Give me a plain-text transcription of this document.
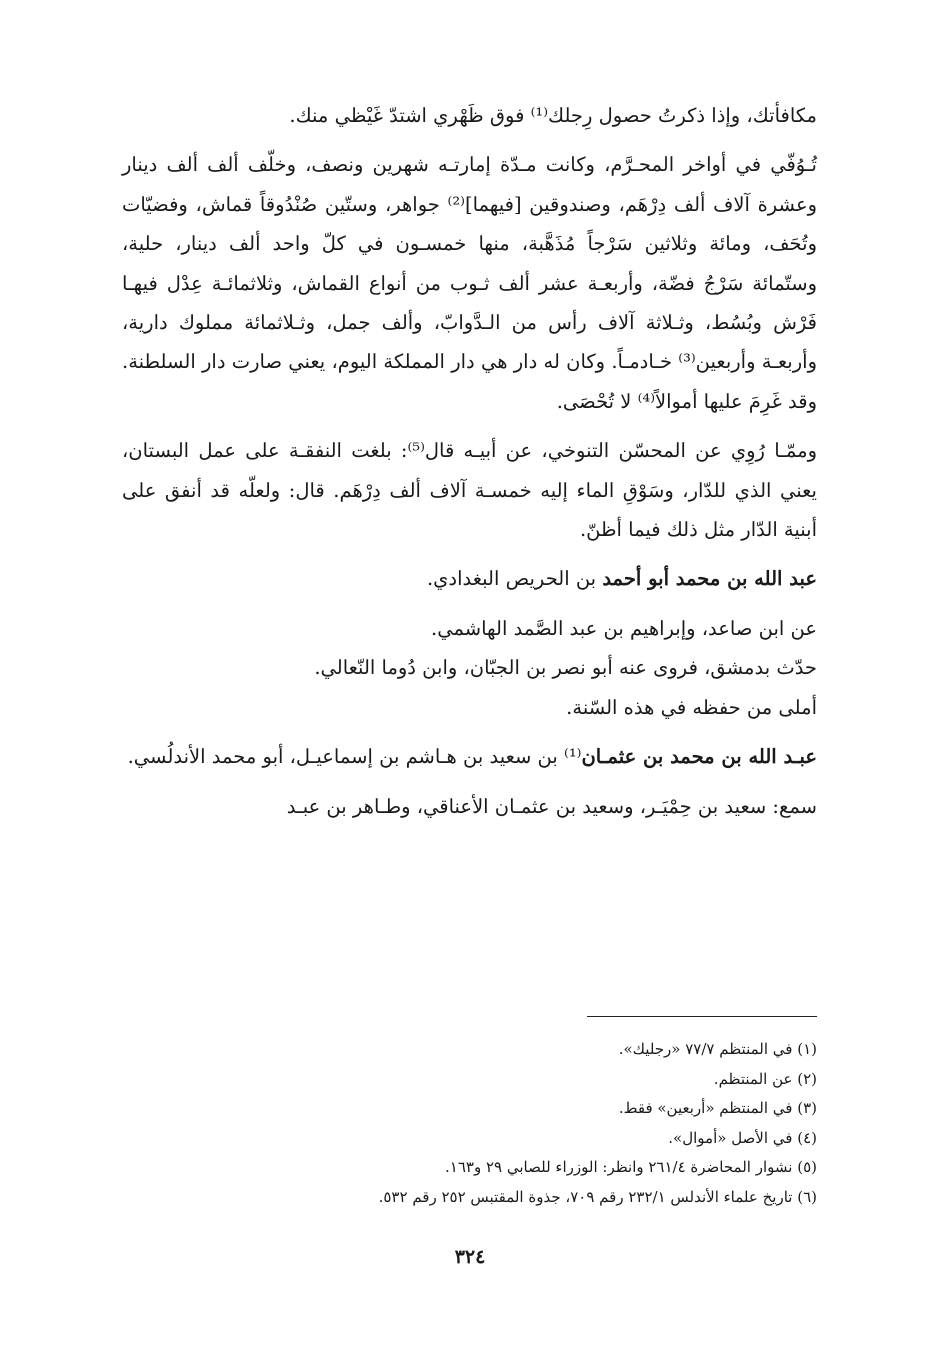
مكافأتك، وإذا ذكرتُ حصول رِجلك⁽¹⁾ فوق ظَهْري اشتدّ غَيْظي منك.

تُـوُفّي في أواخر المحـرَّم، وكانت مـدّة إمارتـه شهرين ونصف، وخلّف ألف ألف دينار وعشرة آلاف ألف دِرْهَم، وصندوقين [فيهما]⁽²⁾ جواهر، وستّين صُنْدُوقاً قماش، وفضيّات وتُحَف، ومائة وثلاثين سَرْجاً مُذَهَّبة، منها خمسـون في كلّ واحد ألف دينار، حلية، وستّمائة سَرْجُ فضّة، وأربعـة عشر ألف ثـوب من أنواع القماش، وثلاثمائـة عِدْل فيهـا فَرْش وبُسُط، وثـلاثة آلاف رأس من الـدَّوابّ، وألف جمل، وثـلاثمائة مملوك دارية، وأربعـة وأربعين⁽³⁾ خـادمـاً. وكان له دار هي دار المملكة اليوم، يعني صارت دار السلطنة. وقد غَرِمَ عليها أموالاً⁽⁴⁾ لا تُحْصَى.

وممّـا رُوِي عن المحسّن التنوخي، عن أبيـه قال⁽⁵⁾: بلغت النفقـة على عمل البستان، يعني الذي للدّار، وسَوْقِ الماء إليه خمسـة آلاف ألف دِرْهَم. قال: ولعلّه قد أنفق على أبنية الدّار مثل ذلك فيما أظنّ.

عبد الله بن محمد أبو أحمد بن الحريص البغدادي.

عن ابن صاعد، وإبراهيم بن عبد الصَّمد الهاشمي.

حدّث بدمشق، فروى عنه أبو نصر بن الجبّان، وابن دُوما النّعالي.

أملى من حفظه في هذه السّنة.

عبـد الله بن محمد بن عثمـان⁽¹⁾ بن سعيد بن هـاشم بن إسماعيـل، أبو محمد الأندلُسي.

سمع: سعيد بن حِمْيَـر، وسعيد بن عثمـان الأعناقي، وطـاهر بن عبـد

(١) في المنتظم ٧٧/٧ «رجليك».
(٢) عن المنتظم.
(٣) في المنتظم «أربعين» فقط.
(٤) في الأصل «أموال».
(٥) نشوار المحاضرة ٢٦١/٤ وانظر: الوزراء للصابي ٢٩ و١٦٣.
(٦) تاريخ علماء الأندلس ٢٣٢/١ رقم ٧٠٩، جذوة المقتبس ٢٥٢ رقم ٥٣٢.
٣٢٤
